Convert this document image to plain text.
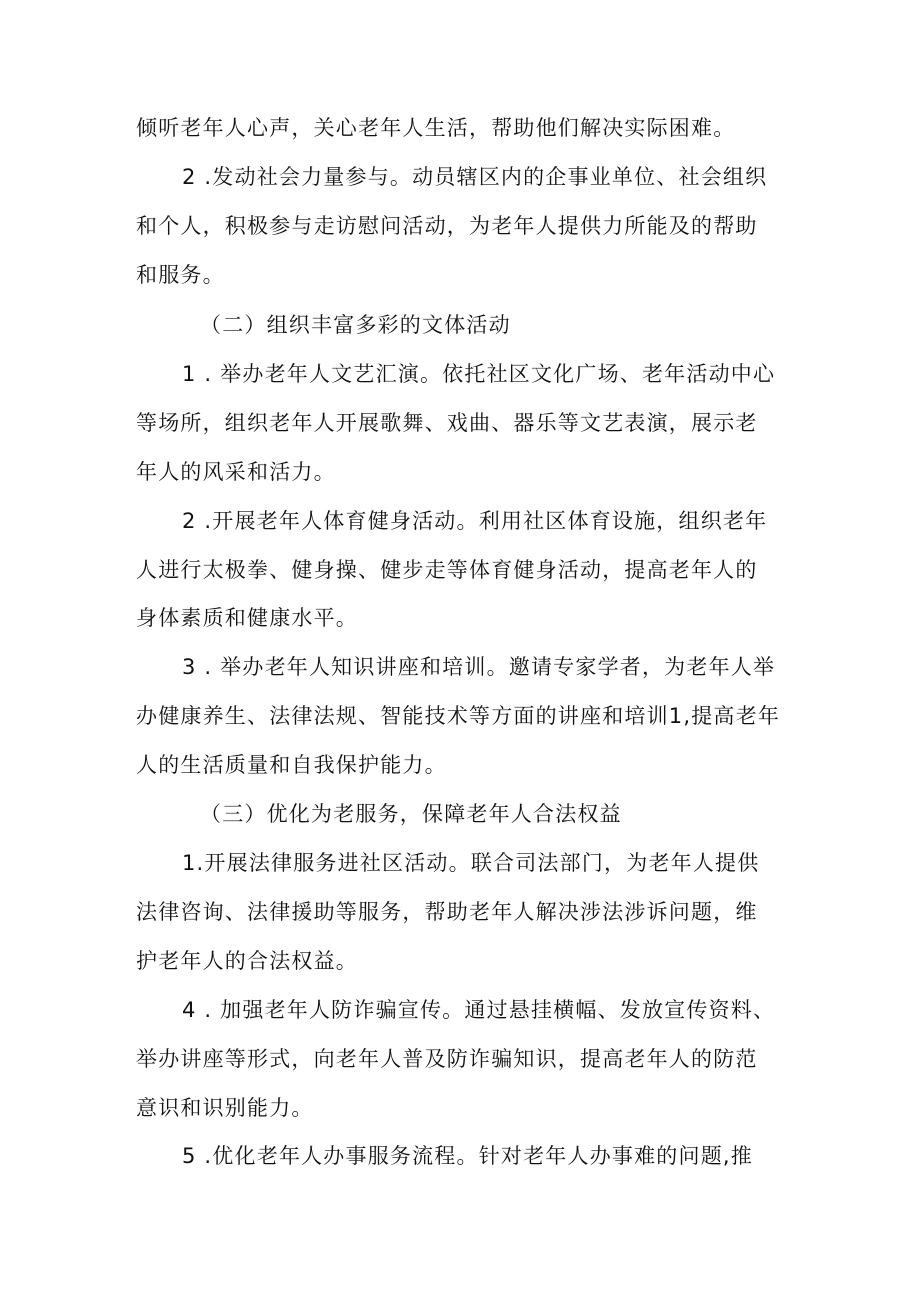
倾听老年人心声，关心老年人生活，帮助他们解决实际困难。
2 .发动社会力量参与。动员辖区内的企事业单位、社会组织
和个人，积极参与走访慰问活动，为老年人提供力所能及的帮助
和服务。
（二）组织丰富多彩的文体活动
1 . 举办老年人文艺汇演。依托社区文化广场、老年活动中心
等场所，组织老年人开展歌舞、戏曲、器乐等文艺表演，展示老
年人的风采和活力。
2 .开展老年人体育健身活动。利用社区体育设施，组织老年
人进行太极拳、健身操、健步走等体育健身活动，提高老年人的
身体素质和健康水平。
3 . 举办老年人知识讲座和培训。邀请专家学者，为老年人举
办健康养生、法律法规、智能技术等方面的讲座和培训1,提高老年
人的生活质量和自我保护能力。
（三）优化为老服务，保障老年人合法权益
1.开展法律服务进社区活动。联合司法部门，为老年人提供
法律咨询、法律援助等服务，帮助老年人解决涉法涉诉问题，维
护老年人的合法权益。
4 . 加强老年人防诈骗宣传。通过悬挂横幅、发放宣传资料、
举办讲座等形式，向老年人普及防诈骗知识，提高老年人的防范
意识和识别能力。
5 .优化老年人办事服务流程。针对老年人办事难的问题,推
